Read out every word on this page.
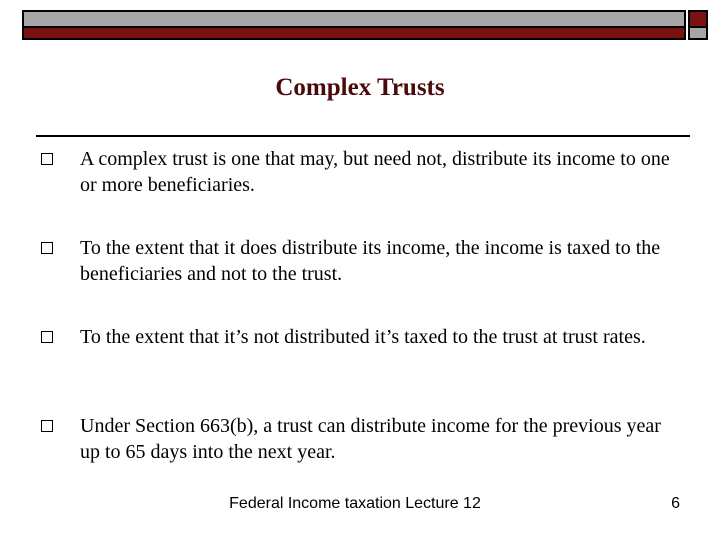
Complex Trusts
A complex trust is one that may, but need not, distribute its income to one or more beneficiaries.
To the extent that it does distribute its income, the income is taxed to the beneficiaries and not to the trust.
To the extent that it’s not distributed it’s taxed to the trust at trust rates.
Under Section 663(b), a trust can distribute income for the previous year up to 65 days into the next year.
Federal Income taxation Lecture 12	6
